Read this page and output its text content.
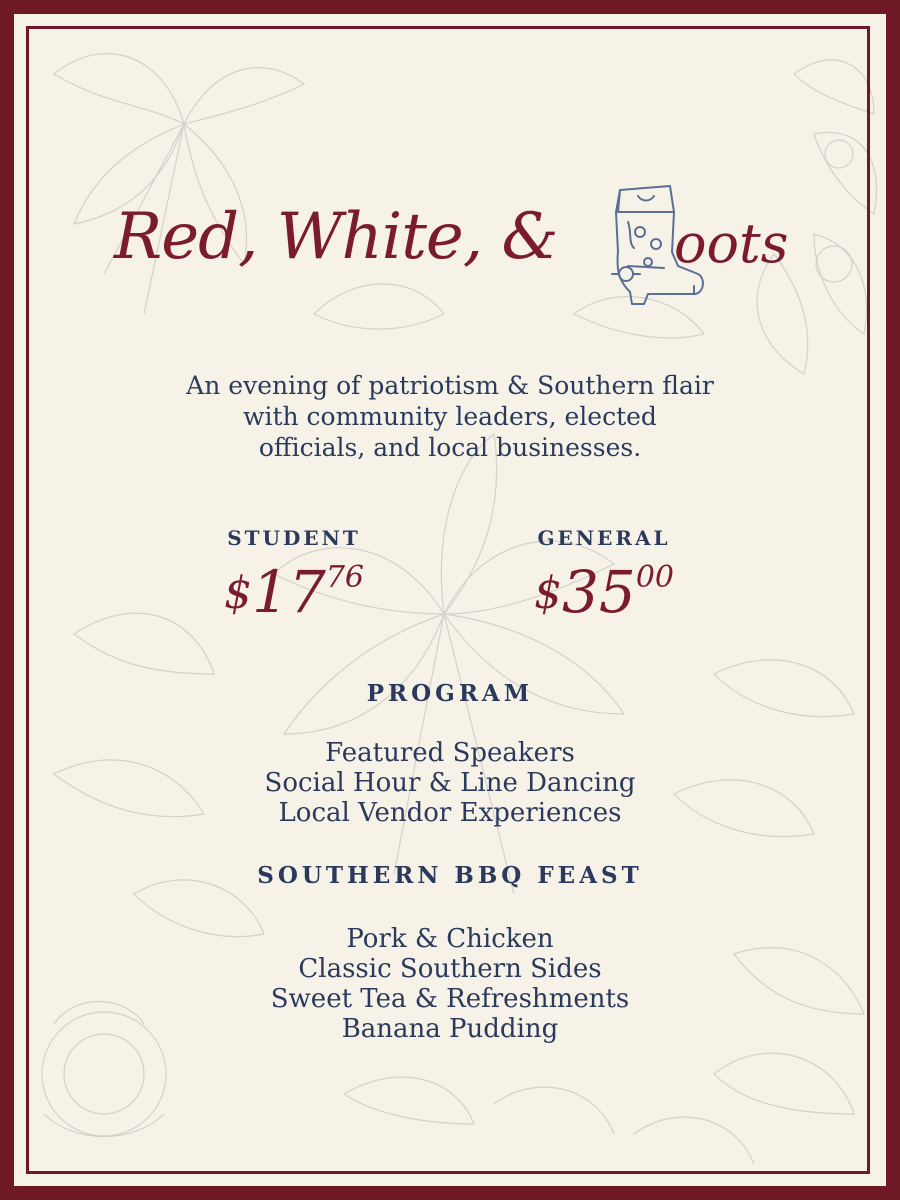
Red, White, & oots
An evening of patriotism & Southern flair
with community leaders, elected
officials, and local businesses.
STUDENT
$1776
GENERAL
$3500
PROGRAM
Featured Speakers
Social Hour & Line Dancing
Local Vendor Experiences
SOUTHERN BBQ FEAST
Pork & Chicken
Classic Southern Sides
Sweet Tea & Refreshments
Banana Pudding
